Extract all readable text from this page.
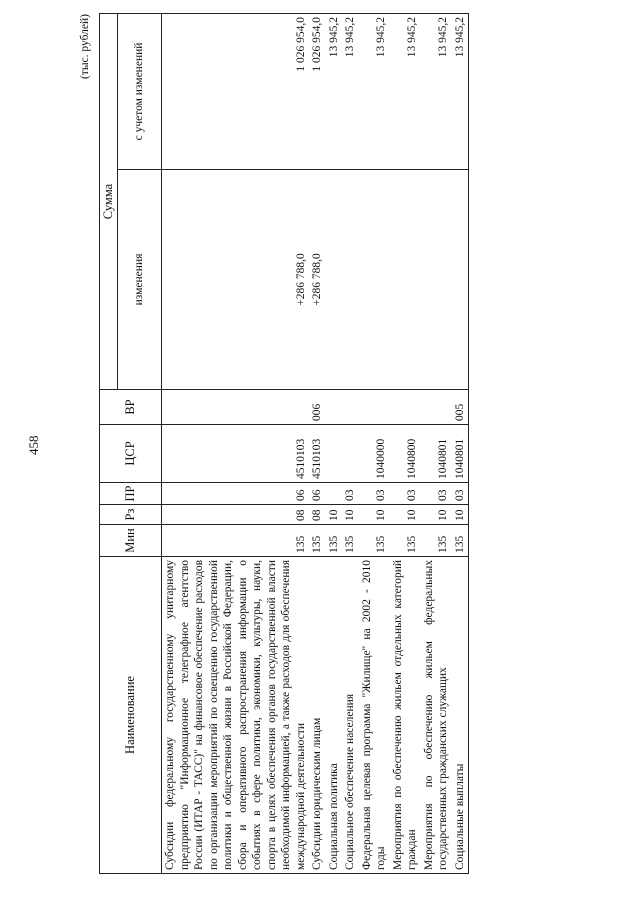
458
(тыс. рублей)
Наименование	Мин	Рз	ПР	ЦСР	ВР	Сумма	
						изменения	с учетом изменений
Субсидии федеральному государственному унитарному предприятию "Информационное телеграфное агентство России (ИТАР - ТАСС)" на финансовое обеспечение расходов по организации мероприятий по освещению государственной политики и общественной жизни в Российской Федерации, сбора и оперативного распространения информации о событиях в сфере политики, экономики, культуры, науки, спорта в целях обеспечения органов государственной власти необходимой информацией, а также расходов для обеспечения международной деятельности	135	08	06	4510103		+286 788,0	1 026 954,0
Субсидии юридическим лицам	135	08	06	4510103	006	+286 788,0	1 026 954,0
Социальная политика	135	10					13 945,2
Социальное обеспечение населения	135	10	03				13 945,2
Федеральная целевая программа "Жилище" на 2002 - 2010 годы	135	10	03	1040000			13 945,2
Мероприятия по обеспечению жильем отдельных категорий граждан	135	10	03	1040800			13 945,2
Мероприятия по обеспечению жильем федеральных государственных гражданских служащих	135	10	03	1040801			13 945,2
Социальные выплаты	135	10	03	1040801	005		13 945,2
